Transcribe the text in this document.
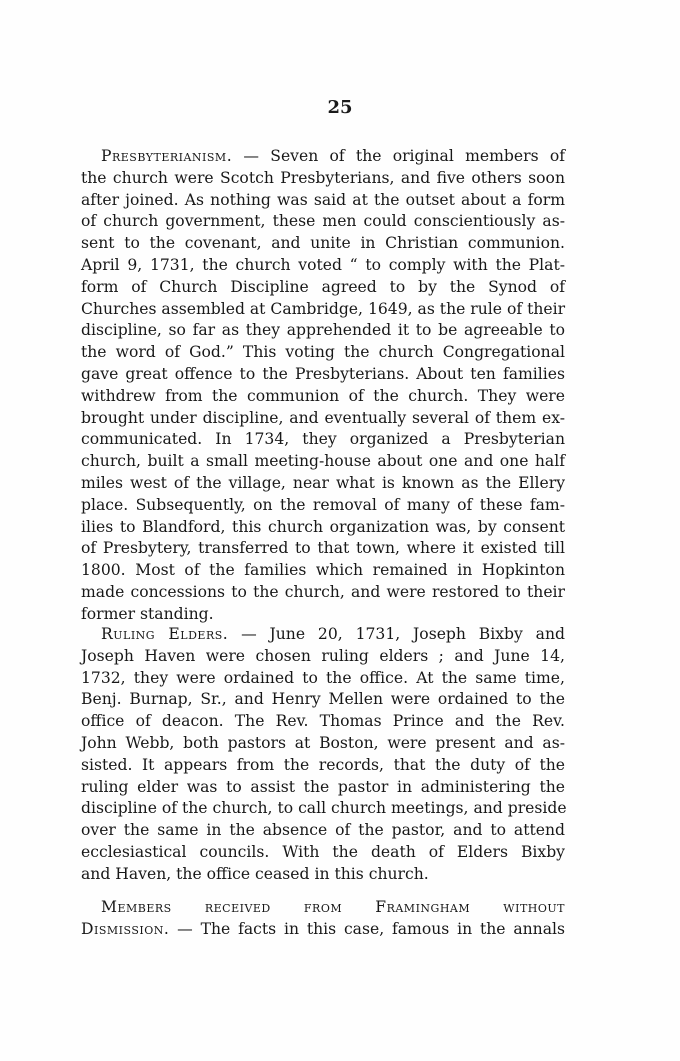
25
Presbyterianism. — Seven of the original members of
the church were Scotch Presbyterians, and five others soon
after joined. As nothing was said at the outset about a form
of church government, these men could conscientiously as-
sent to the covenant, and unite in Christian communion.
April 9, 1731, the church voted “ to comply with the Plat-
form of Church Discipline agreed to by the Synod of
Churches assembled at Cambridge, 1649, as the rule of their
discipline, so far as they apprehended it to be agreeable to
the word of God.” This voting the church Congregational
gave great offence to the Presbyterians. About ten families
withdrew from the communion of the church. They were
brought under discipline, and eventually several of them ex-
communicated. In 1734, they organized a Presbyterian
church, built a small meeting-house about one and one half
miles west of the village, near what is known as the Ellery
place. Subsequently, on the removal of many of these fam-
ilies to Blandford, this church organization was, by consent
of Presbytery, transferred to that town, where it existed till
1800. Most of the families which remained in Hopkinton
made concessions to the church, and were restored to their
former standing.
Ruling Elders. — June 20, 1731, Joseph Bixby and
Joseph Haven were chosen ruling elders ; and June 14,
1732, they were ordained to the office. At the same time,
Benj. Burnap, Sr., and Henry Mellen were ordained to the
office of deacon. The Rev. Thomas Prince and the Rev.
John Webb, both pastors at Boston, were present and as-
sisted. It appears from the records, that the duty of the
ruling elder was to assist the pastor in administering the
discipline of the church, to call church meetings, and preside
over the same in the absence of the pastor, and to attend
ecclesiastical councils. With the death of Elders Bixby
and Haven, the office ceased in this church.
Members received from Framingham without
Dismission. — The facts in this case, famous in the annals
